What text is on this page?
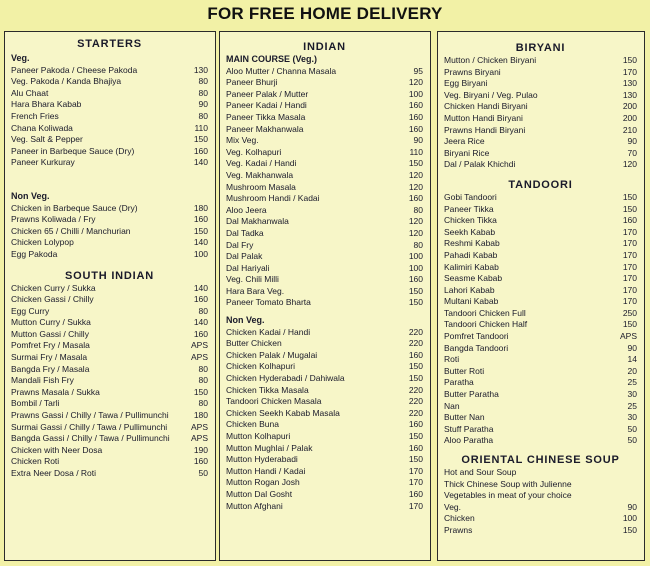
FOR FREE HOME DELIVERY
STARTERS
Veg.
Paneer Pakoda / Cheese Pakoda	130
Veg. Pakoda / Kanda Bhajiya	80
Alu Chaat	80
Hara Bhara Kabab	90
French Fries	80
Chana Koliwada	110
Veg. Salt & Pepper	150
Paneer in Barbeque Sauce (Dry)	160
Paneer Kurkuray	140
Non Veg.
Chicken in Barbeque Sauce (Dry)	180
Prawns Koliwada / Fry	160
Chicken 65 / Chilli / Manchurian	150
Chicken Lolypop	140
Egg Pakoda	100
SOUTH INDIAN
Chicken Curry / Sukka	140
Chicken Gassi / Chilly	160
Egg Curry	80
Mutton Curry / Sukka	140
Mutton Gassi / Chilly	160
Pomfret Fry / Masala	APS
Surmai Fry / Masala	APS
Bangda Fry / Masala	80
Mandali Fish Fry	80
Prawns Masala / Sukka	150
Bombil / Tarli	80
Prawns Gassi / Chilly / Tawa / Pullimunchi	180
Surmai Gassi / Chilly / Tawa / Pullimunchi	APS
Bangda Gassi / Chilly / Tawa / Pullimunchi	APS
Chicken with Neer Dosa	190
Chicken Roti	160
Extra Neer Dosa / Roti	50
INDIAN
MAIN COURSE (Veg.)
Aloo Mutter / Channa Masala	95
Paneer Bhurji	120
Paneer Palak / Mutter	100
Paneer Kadai / Handi	160
Paneer Tikka Masala	160
Paneer Makhanwala	160
Mix Veg.	90
Veg. Kolhapuri	110
Veg. Kadai / Handi	150
Veg. Makhanwala	120
Mushroom Masala	120
Mushroom Handi / Kadai	160
Aloo Jeera	80
Dal Makhanwala	120
Dal Tadka	120
Dal Fry	80
Dal Palak	100
Dal Hariyali	100
Veg. Chili Milli	160
Hara Bara Veg.	150
Paneer Tomato Bharta	150
Non Veg.
Chicken Kadai / Handi	220
Butter Chicken	220
Chicken Palak / Mugalai	160
Chicken Kolhapuri	150
Chicken Hyderabadi / Dahiwala	150
Chicken Tikka Masala	220
Tandoori Chicken Masala	220
Chicken Seekh Kabab Masala	220
Chicken Buna	160
Mutton Kolhapuri	150
Mutton Mughlai / Palak	160
Mutton Hyderabadi	150
Mutton Handi / Kadai	170
Mutton Rogan Josh	170
Mutton Dal Gosht	160
Mutton Afghani	170
BIRYANI
Mutton / Chicken Biryani	150
Prawns Biryani	170
Egg Biryani	130
Veg. Biryani / Veg. Pulao	130
Chicken Handi Biryani	200
Mutton Handi Biryani	200
Prawns Handi Biryani	210
Jeera Rice	90
Biryani Rice	70
Dal / Palak Khichdi	120
TANDOORI
Gobi Tandoori	150
Paneer Tikka	150
Chicken Tikka	160
Seekh Kabab	170
Reshmi Kabab	170
Pahadi Kabab	170
Kalimiri Kabab	170
Seasme Kabab	170
Lahori Kabab	170
Multani Kabab	170
Tandoori Chicken Full	250
Tandoori Chicken Half	150
Pomfret Tandoori	APS
Bangda Tandoori	90
Roti	14
Butter Roti	20
Paratha	25
Butter Paratha	30
Nan	25
Butter Nan	30
Stuff Paratha	50
Aloo Paratha	50
ORIENTAL CHINESE SOUP
Hot and Sour Soup
Thick Chinese Soup with Julienne
Vegetables in meat of your choice
Veg.	90
Chicken	100
Prawns	150
